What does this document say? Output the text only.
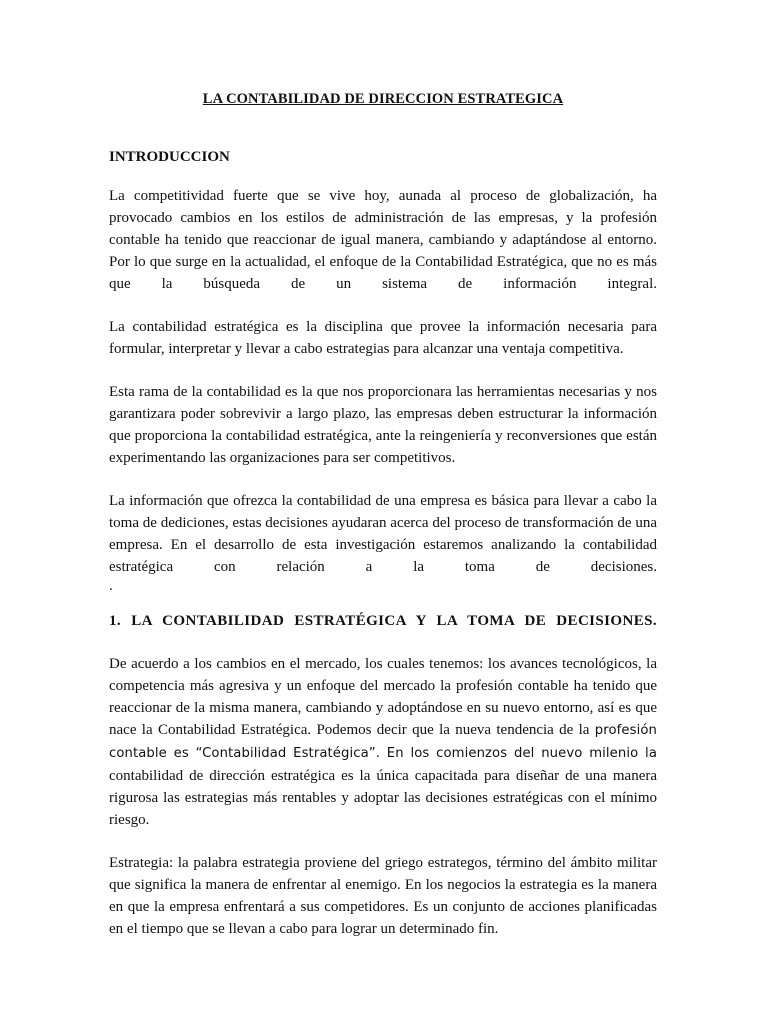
LA CONTABILIDAD DE DIRECCION ESTRATEGICA
INTRODUCCION

La competitividad fuerte que se vive hoy, aunada al proceso de globalización, ha provocado cambios en los estilos de administración de las empresas, y la profesión contable ha tenido que reaccionar de igual manera, cambiando y adaptándose al entorno. Por lo que surge en la actualidad, el enfoque de la Contabilidad Estratégica, que no es más que la búsqueda de un sistema de información integral.

La contabilidad estratégica es la disciplina que provee la información necesaria para formular, interpretar y llevar a cabo estrategias para alcanzar una ventaja competitiva.

Esta rama de la contabilidad es la que nos proporcionara las herramientas necesarias y nos garantizara poder sobrevivir a largo plazo, las empresas deben estructurar la información que proporciona la contabilidad estratégica, ante la reingeniería y reconversiones que están experimentando las organizaciones para ser competitivos.

La información que ofrezca la contabilidad de una empresa es básica para llevar a cabo la toma de dediciones, estas decisiones ayudaran acerca del proceso de transformación de una empresa. En el desarrollo de esta investigación estaremos analizando la contabilidad estratégica con relación a la toma de decisiones.

.
1. LA CONTABILIDAD ESTRATÉGICA Y LA TOMA DE DECISIONES.

De acuerdo a los cambios en el mercado, los cuales tenemos: los avances tecnológicos, la competencia más agresiva y un enfoque del mercado la profesión contable ha tenido que reaccionar de la misma manera, cambiando y adoptándose en su nuevo entorno, así es que nace la Contabilidad Estratégica. Podemos decir que la nueva tendencia de la profesión contable es “Contabilidad Estratégica”. En los comienzos del nuevo milenio la contabilidad de dirección estratégica es la única capacitada para diseñar de una manera rigurosa las estrategias más rentables y adoptar las decisiones estratégicas con el mínimo riesgo.

Estrategia: la palabra estrategia proviene del griego estrategos, término del ámbito militar que significa la manera de enfrentar al enemigo. En los negocios la estrategia es la manera en que la empresa enfrentará a sus competidores. Es un conjunto de acciones planificadas en el tiempo que se llevan a cabo para lograr un determinado fin.
